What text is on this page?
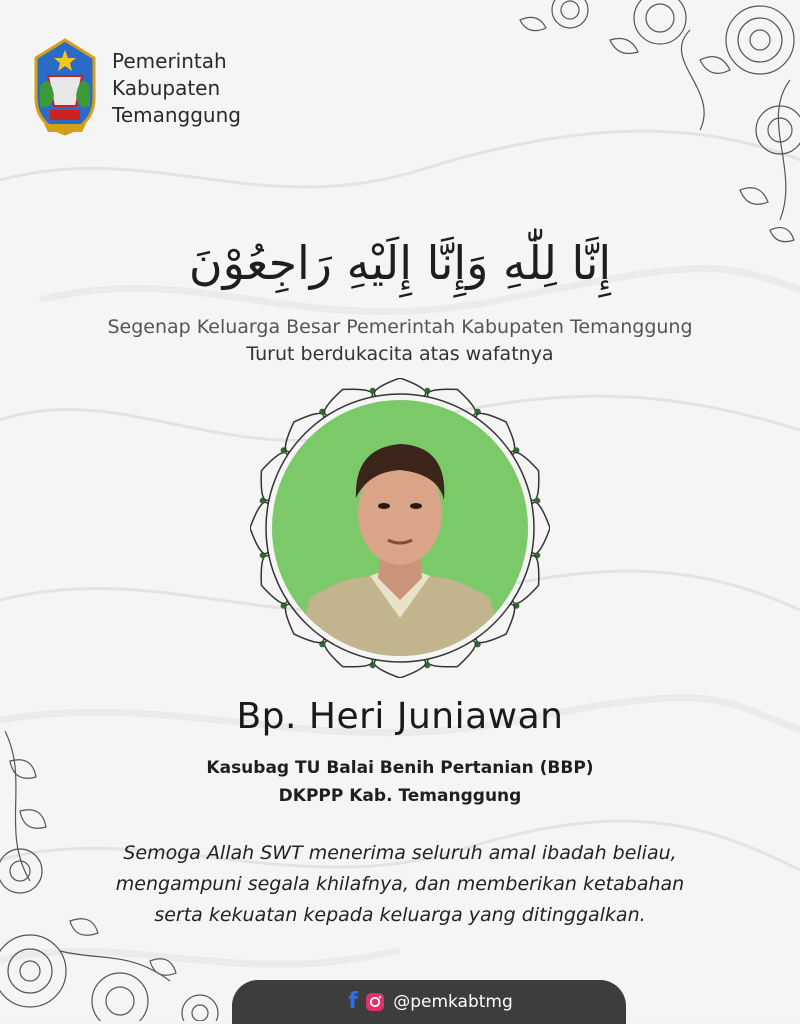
Pemerintah
Kabupaten
Temanggung
إِنَّا لِلّٰهِ وَإِنَّا إِلَيْهِ رَاجِعُوْنَ
Segenap Keluarga Besar Pemerintah Kabupaten Temanggung
Turut berdukacita atas wafatnya
Bp. Heri Juniawan
Kasubag TU Balai Benih Pertanian (BBP)
DKPPP Kab. Temanggung
Semoga Allah SWT menerima seluruh amal ibadah beliau,
mengampuni segala khilafnya, dan memberikan ketabahan
serta kekuatan kepada keluarga yang ditinggalkan.
f @pemkabtmg
